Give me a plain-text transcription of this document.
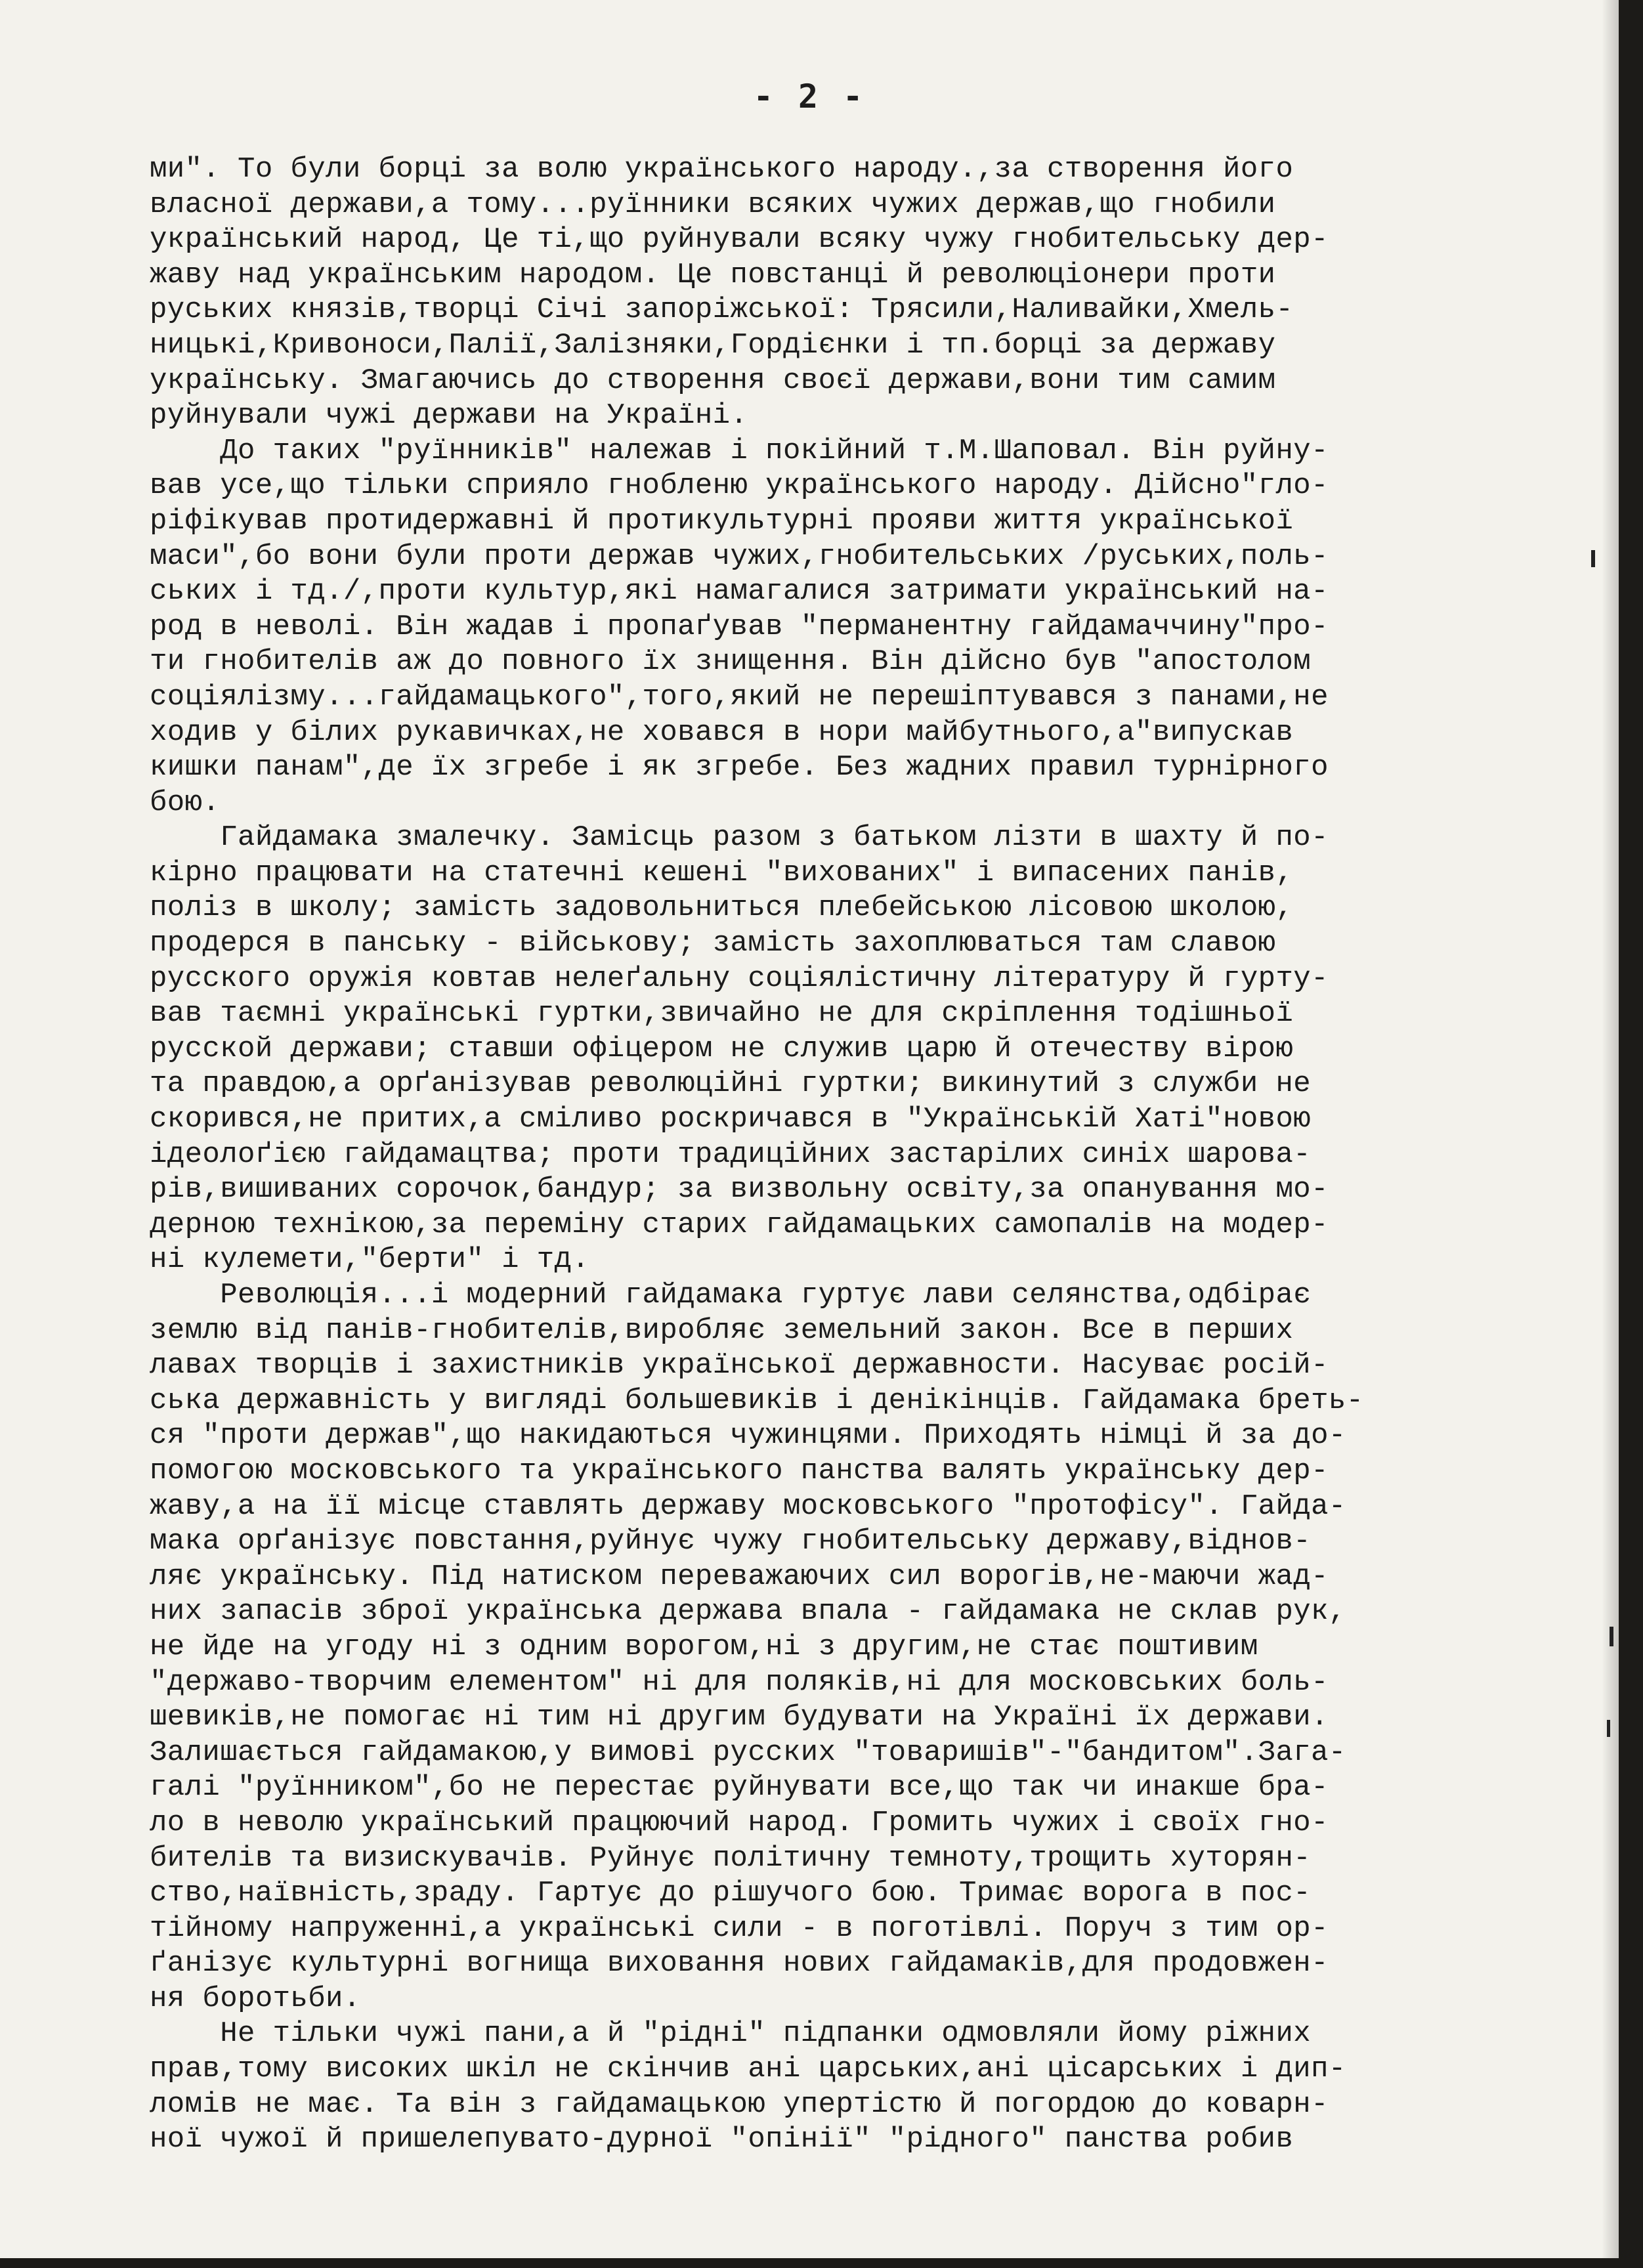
- 2 -
ми". То були борці за волю українського народу.,за створення його
власної держави,а тому...руїнники всяких чужих держав,що гнобили
український народ, Це ті,що руйнували всяку чужу гнобительську дер-
жаву над українським народом. Це повстанці й революціонери проти
руських князів,творці Січі запоріжської: Трясили,Наливайки,Хмель-
ницькі,Кривоноси,Палії,Залізняки,Гордієнки і тп.борці за державу
українську. Змагаючись до створення своєї держави,вони тим самим
руйнували чужі держави на Україні.
До таких "руїнників" належав і покійний т.М.Шаповал. Він руйну-
вав усе,що тільки сприяло гнобленю українського народу. Дійсно"гло-
ріфікував протидержавні й протикультурні прояви життя української
маси",бо вони були проти держав чужих,гнобительських /руських,поль-
ських і тд./,проти культур,які намагалися затримати український на-
род в неволі. Він жадав і пропаґував "перманентну гайдамаччину"про-
ти гнобителів аж до повного їх знищення. Він дійсно був "апостолом
соціялізму...гайдамацького",того,який не перешіптувався з панами,не
ходив у білих рукавичках,не ховався в нори майбутнього,а"випускав
кишки панам",де їх згребе і як згребе. Без жадних правил турнірного
бою.
Гайдамака змалечку. Замісць разом з батьком лізти в шахту й по-
кірно працювати на статечні кешені "вихованих" і випасених панів,
поліз в школу; замість задовольниться плебейською лісовою школою,
продерся в панську - військову; замість захоплюваться там славою
русского оружія ковтав нелеґальну соціялістичну літературу й гурту-
вав таємні українські гуртки,звичайно не для скріплення тодішньої
русской держави; ставши офіцером не служив царю й отечеству вірою
та правдою,а орґанізував революційні гуртки; викинутий з служби не
скорився,не притих,а сміливо роскричався в "Українській Хаті"новою
ідеолоґією гайдамацтва; проти традиційних застарілих синіх шарова-
рів,вишиваних сорочок,бандур; за визвольну освіту,за опанування мо-
дерною технікою,за переміну старих гайдамацьких самопалів на модер-
ні кулемети,"берти" і тд.
Революція...і модерний гайдамака гуртує лави селянства,одбірає
землю від панів-гнобителів,виробляє земельний закон. Все в перших
лавах творців і захистників української державности. Насуває росій-
ська державність у вигляді большевиків і денікінців. Гайдамака бреть-
ся "проти держав",що накидаються чужинцями. Приходять німці й за до-
помогою московського та українського панства валять українську дер-
жаву,а на її місце ставлять державу московського "протофісу". Гайда-
мака орґанізує повстання,руйнує чужу гнобительську державу,віднов-
ляє українську. Під натиском переважаючих сил ворогів,не-маючи жад-
них запасів зброї українська держава впала - гайдамака не склав рук,
не йде на угоду ні з одним ворогом,ні з другим,не стає поштивим
"державо-творчим елементом" ні для поляків,ні для московських боль-
шевиків,не помогає ні тим ні другим будувати на Україні їх держави.
Залишається гайдамакою,у вимові русских "товаришів"-"бандитом".Зага-
галі "руїнником",бо не перестає руйнувати все,що так чи инакше бра-
ло в неволю український працюючий народ. Громить чужих і своїх гно-
бителів та визискувачів. Руйнує політичну темноту,трощить хуторян-
ство,наївність,зраду. Гартує до рішучого бою. Тримає ворога в пос-
тійному напруженні,а українські сили - в поготівлі. Поруч з тим ор-
ґанізує культурні вогнища виховання нових гайдамаків,для продовжен-
ня боротьби.
Не тільки чужі пани,а й "рідні" підпанки одмовляли йому ріжних
прав,тому високих шкіл не скінчив ані царських,ані цісарських і дип-
ломів не має. Та він з гайдамацькою упертістю й погордою до коварн-
ної чужої й пришелепувато-дурної "опінії" "рідного" панства робив
